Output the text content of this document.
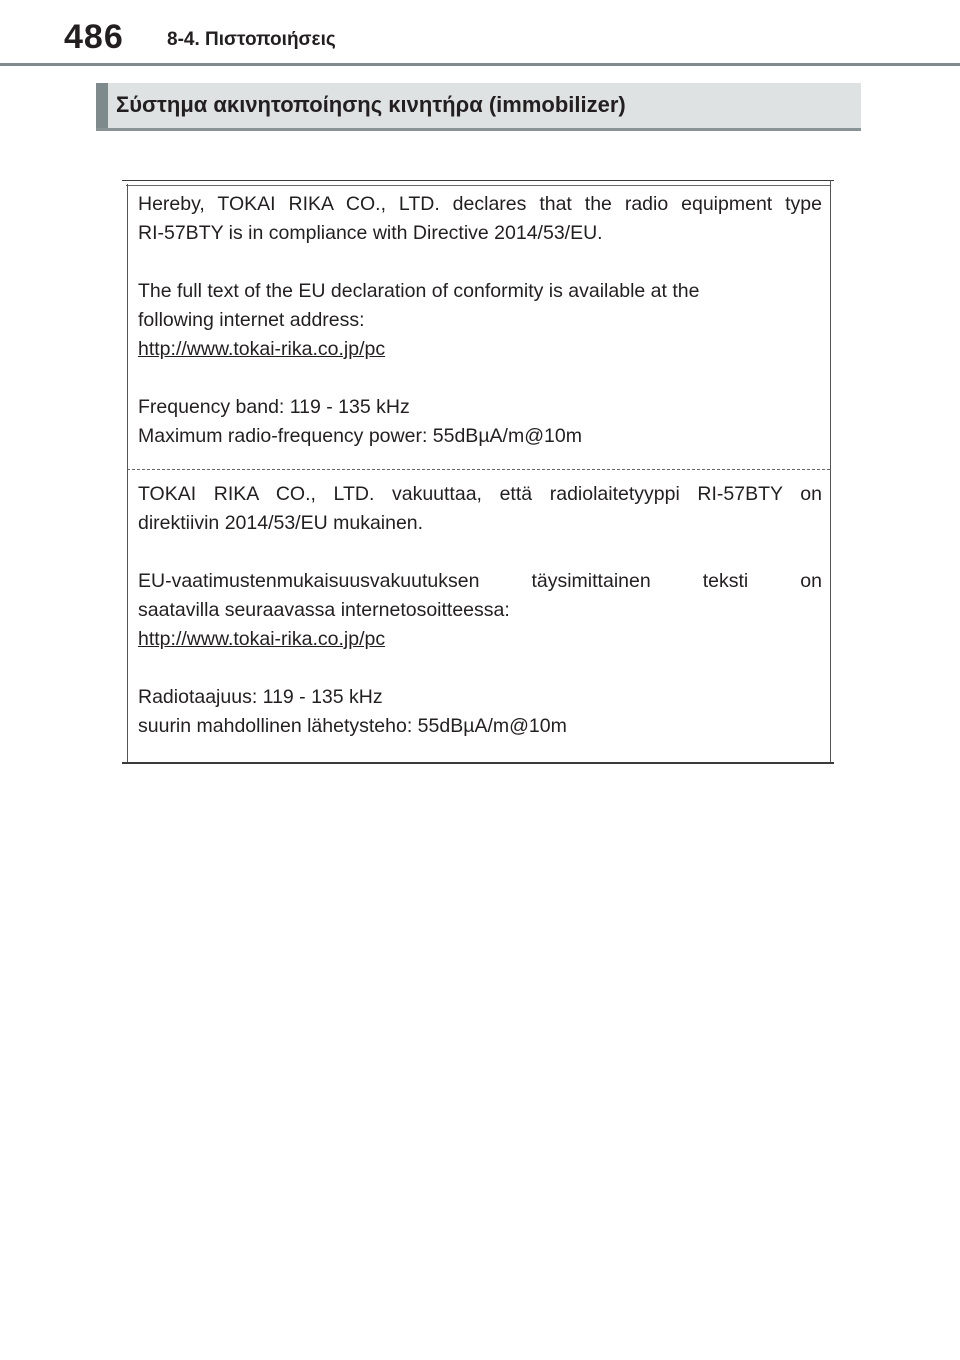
486 8-4. Πιστοποιήσεις
Σύστημα ακινητοποίησης κινητήρα (immobilizer)

Hereby, TOKAI RIKA CO., LTD. declares that the radio equipment type

RI-57BTY is in compliance with Directive 2014/53/EU.

The full text of the EU declaration of conformity is available at the

following internet address:

http://www.tokai-rika.co.jp/pc

Frequency band: 119 - 135 kHz

Maximum radio-frequency power: 55dBµA/m@10m

TOKAI RIKA CO., LTD. vakuuttaa, että radiolaitetyyppi RI-57BTY on

direktiivin 2014/53/EU mukainen.

EU-vaatimustenmukaisuusvakuutuksen täysimittainen teksti on

saatavilla seuraavassa internetosoitteessa:

http://www.tokai-rika.co.jp/pc

Radiotaajuus: 119 - 135 kHz

suurin mahdollinen lähetysteho: 55dBµA/m@10m
